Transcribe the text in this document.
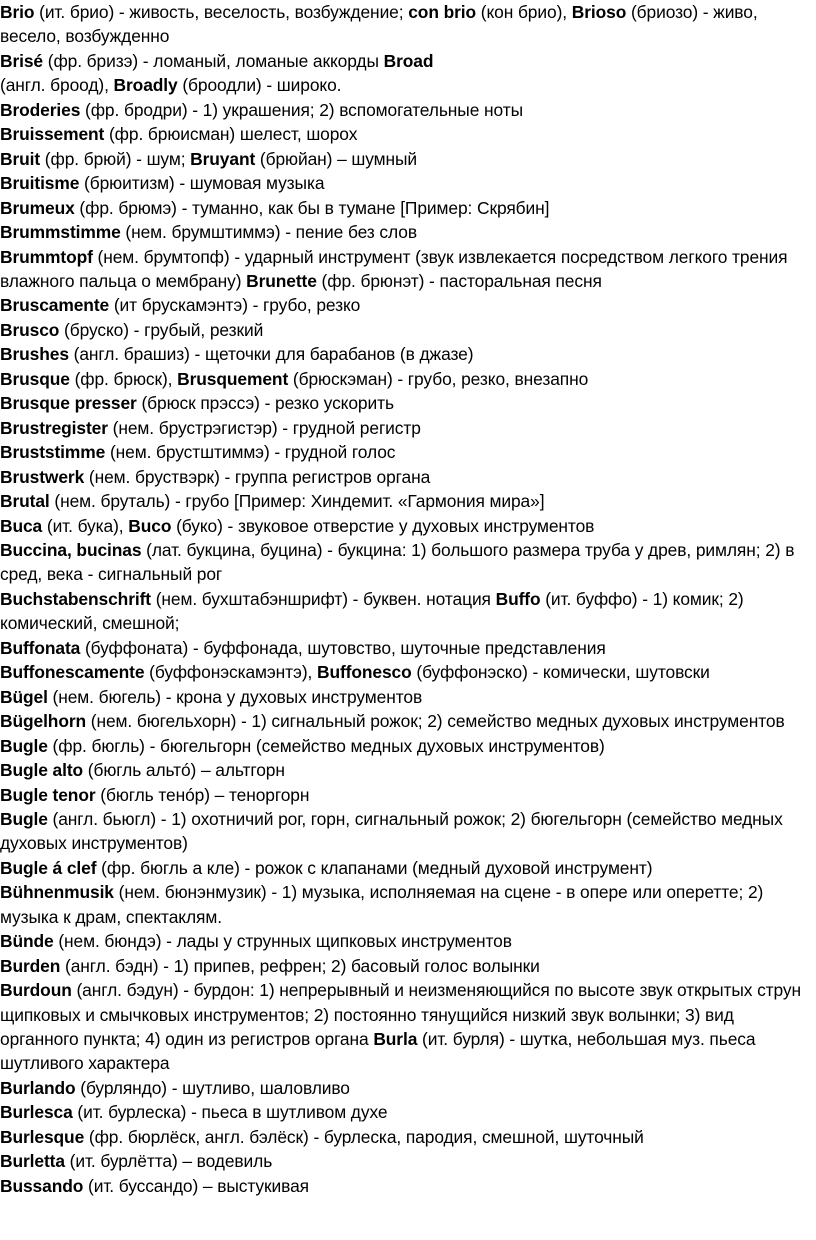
Brio (ит. брио) - живость, веселость, возбуждение; con brio (кон брио), Brioso (бриозо) - живо, весело, возбужденно

Brisé (фр. бризэ) - ломаный, ломаные аккорды Broad

(англ. броод), Broadly (броодли) - широко.

Broderies (фр. бродри) - 1) украшения; 2) вспомогательные ноты

Bruissement (фр. брюисман) шелест, шорох

Bruit (фр. брюй) - шум; Bruyant (брюйан) – шумный

Bruitisme (брюитизм) - шумовая музыка

Brumeux (фр. брюмэ) - туманно, как бы в тумане [Пример: Скрябин]

Brummstimme (нем. брумштиммэ) - пение без слов

Brummtopf (нем. брумтопф) - ударный инструмент (звук извлекается посредством легкого трения влажного пальца о мембрану) Brunette (фр. брюнэт) - пасторальная песня

Bruscamente (ит брускамэнтэ) - грубо, резко

Brusco (бруско) - грубый, резкий

Brushes (англ. брашиз) - щеточки для барабанов (в джазе)

Brusque (фр. брюск), Brusquement (брюскэман) - грубо, резко, внезапно

Brusque presser (брюск прэссэ) - резко ускорить

Brustregister (нем. брустрэгистэр) - грудной регистр

Bruststimme (нем. брустштиммэ) - грудной голос

Brustwerk (нем. бруствэрк) - группа регистров органа

Brutal (нем. бруталь) - грубо [Пример: Хиндемит. «Гармония мира»]

Buca (ит. бука), Buco (буко) - звуковое отверстие у духовых инструментов

Buccina, bucinas (лат. букцина, буцина) - букцина: 1) большого размера труба у древ, римлян; 2) в сред, века - сигнальный рог

Buchstabenschrift (нем. бухштабэншрифт) - буквен. нотация Buffo (ит. буффо) - 1) комик; 2) комический, смешной;

Buffonata (буффоната) - буффонада, шутовство, шуточные представления

Buffonescamente (буффонэскамэнтэ), Buffonesco (буффонэско) - комически, шутовски

Bügel (нем. бюгель) - крона у духовых инструментов

Bügelhorn (нем. бюгельхорн) - 1) сигнальный рожок; 2) семейство медных духовых инструментов

Bugle (фр. бюгль) - бюгельгорн (семейство медных духовых инструментов)

Bugle alto (бюгль альтó) – альтгорн

Bugle tenor (бюгль тенóр) – теноргорн

Bugle (англ. бьюгл) - 1) охотничий рог, горн, сигнальный рожок; 2) бюгельгорн (семейство медных духовых инструментов)

Bugle á clef (фр. бюгль а кле) - рожок с клапанами (медный духовой инструмент)

Bühnenmusik (нем. бюнэнмузик) - 1) музыка, исполняемая на сцене - в опере или оперетте; 2) музыка к драм, спектаклям.

Bünde (нем. бюндэ) - лады у струнных щипковых инструментов

Burden (англ. бэдн) - 1) припев, рефрен; 2) басовый голос волынки

Burdoun (англ. бэдун) - бурдон: 1) непрерывный и неизменяющийся по высоте звук открытых струн щипковых и смычковых инструментов; 2) постоянно тянущийся низкий звук волынки; 3) вид органного пункта; 4) один из регистров органа Burla (ит. бурля) - шутка, небольшая муз. пьеса шутливого характера

Burlando (бурляндо) - шутливо, шаловливо

Burlesca (ит. бурлеска) - пьеса в шутливом духе

Burlesque (фр. бюрлёск, англ. бэлёск) - бурлеска, пародия, смешной, шуточный

Burletta (ит. бурлётта) – водевиль

Bussando (ит. буссандо) – выстукивая
